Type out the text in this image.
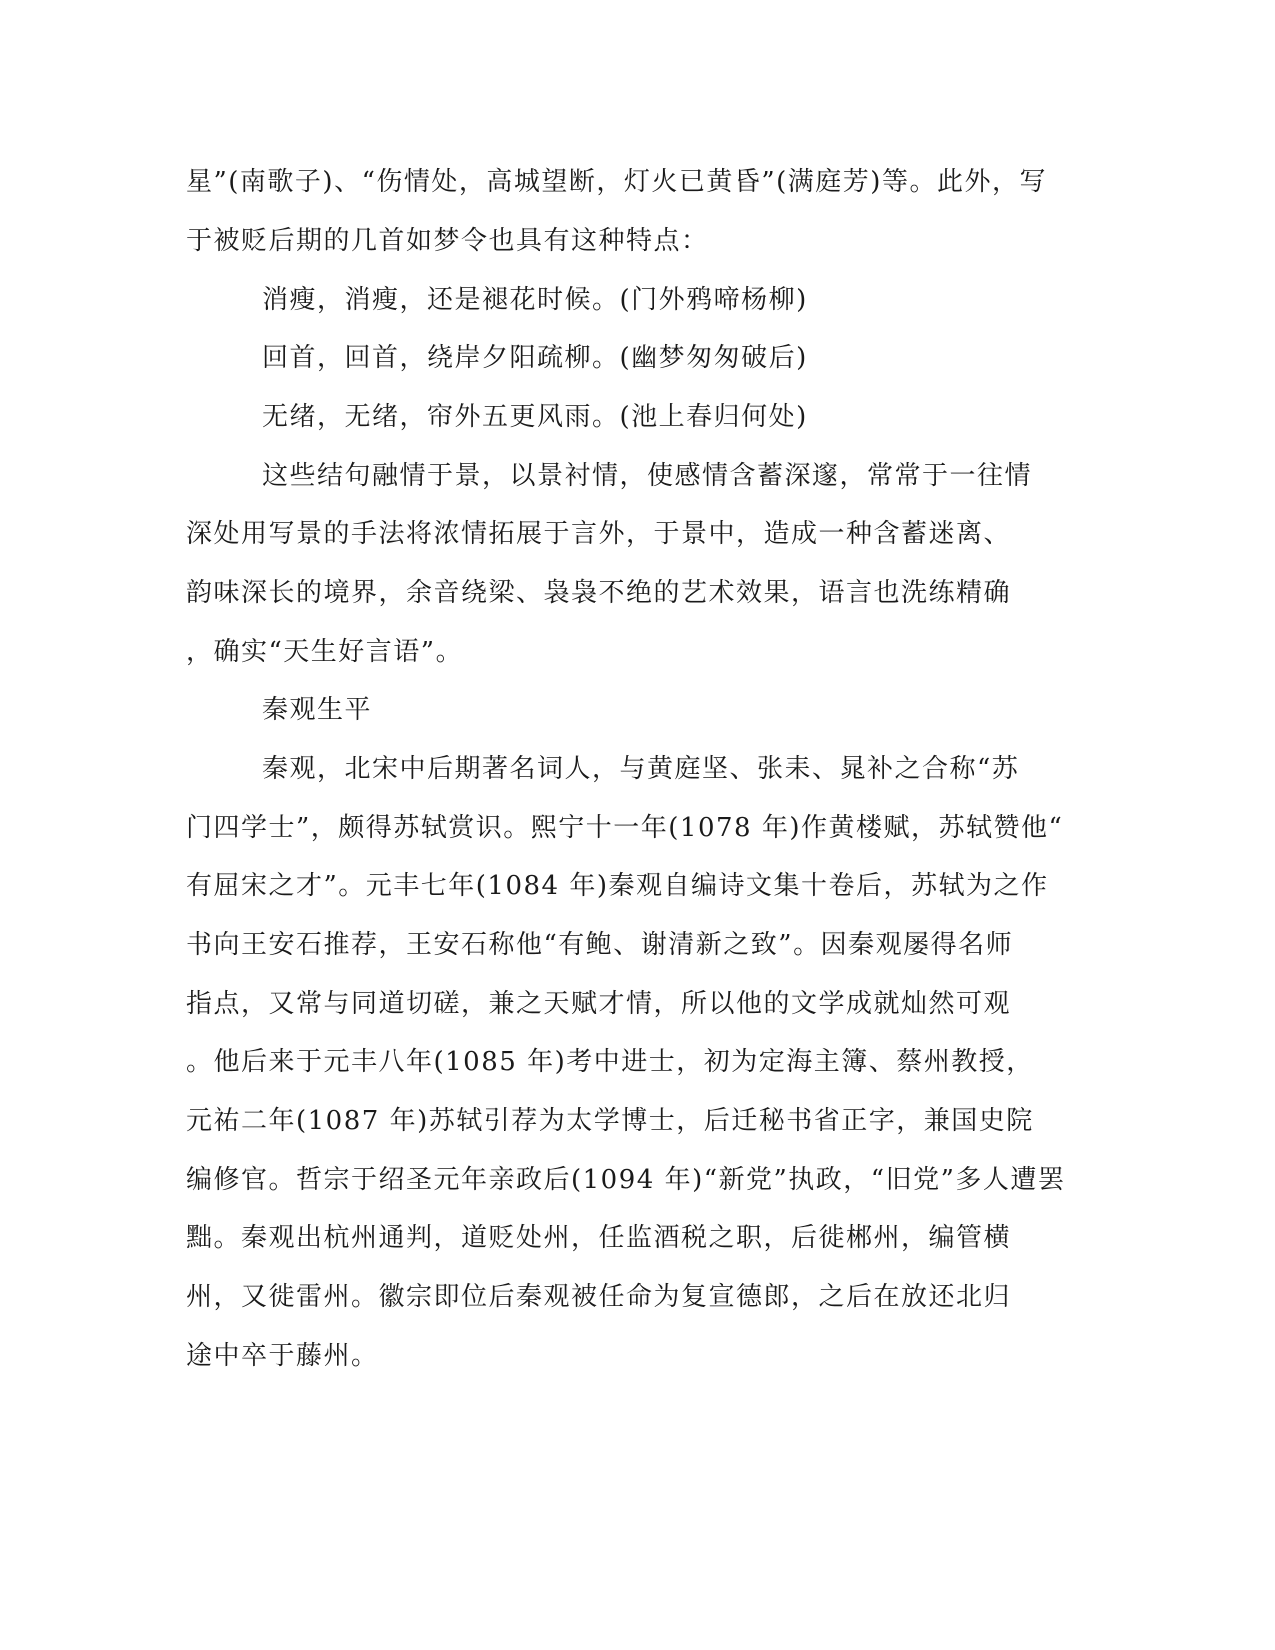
星”(南歌子)、“伤情处，高城望断，灯火已黄昏”(满庭芳)等。此外，写
于被贬后期的几首如梦令也具有这种特点：
消瘦，消瘦，还是褪花时候。(门外鸦啼杨柳)
回首，回首，绕岸夕阳疏柳。(幽梦匆匆破后)
无绪，无绪，帘外五更风雨。(池上春归何处)
这些结句融情于景，以景衬情，使感情含蓄深邃，常常于一往情
深处用写景的手法将浓情拓展于言外，于景中，造成一种含蓄迷离、
韵味深长的境界，余音绕梁、袅袅不绝的艺术效果，语言也洗练精确
，确实“天生好言语”。
秦观生平
秦观，北宋中后期著名词人，与黄庭坚、张耒、晁补之合称“苏
门四学士”，颇得苏轼赏识。熙宁十一年(1078 年)作黄楼赋，苏轼赞他“
有屈宋之才”。元丰七年(1084 年)秦观自编诗文集十卷后，苏轼为之作
书向王安石推荐，王安石称他“有鲍、谢清新之致”。因秦观屡得名师
指点，又常与同道切磋，兼之天赋才情，所以他的文学成就灿然可观
。他后来于元丰八年(1085 年)考中进士，初为定海主簿、蔡州教授，
元祐二年(1087 年)苏轼引荐为太学博士，后迁秘书省正字，兼国史院
编修官。哲宗于绍圣元年亲政后(1094 年)“新党”执政，“旧党”多人遭罢
黜。秦观出杭州通判，道贬处州，任监酒税之职，后徙郴州，编管横
州，又徙雷州。徽宗即位后秦观被任命为复宣德郎，之后在放还北归
途中卒于藤州。
